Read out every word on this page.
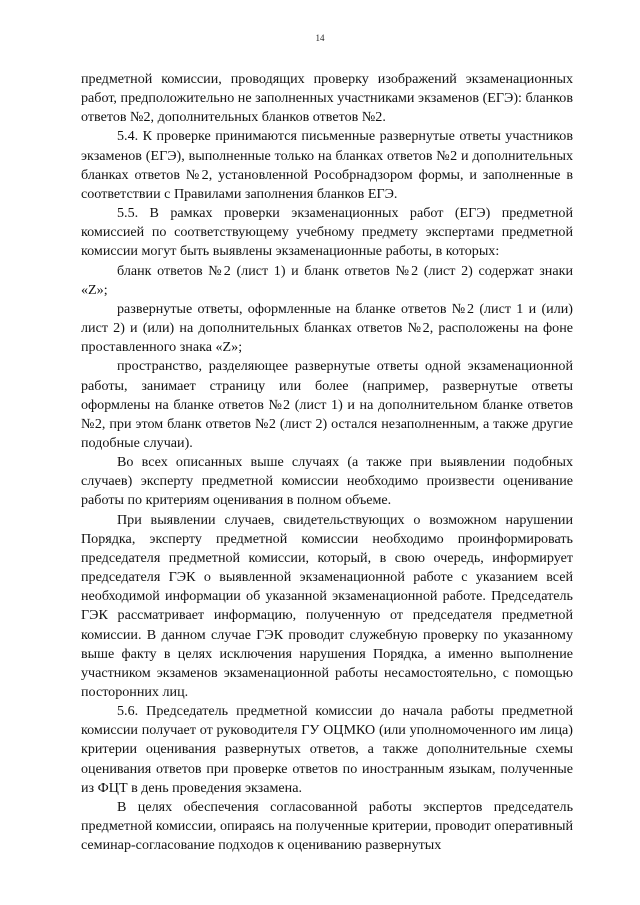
14

предметной комиссии, проводящих проверку изображений экзаменационных работ, предположительно не заполненных участниками экзаменов (ЕГЭ): бланков ответов №2, дополнительных бланков ответов №2.

5.4. К проверке принимаются письменные развернутые ответы участников экзаменов (ЕГЭ), выполненные только на бланках ответов №2 и дополнительных бланках ответов №2, установленной Рособрнадзором формы, и заполненные в соответствии с Правилами заполнения бланков ЕГЭ.

5.5. В рамках проверки экзаменационных работ (ЕГЭ) предметной комиссией по соответствующему учебному предмету экспертами предметной комиссии могут быть выявлены экзаменационные работы, в которых:

бланк ответов №2 (лист 1) и бланк ответов №2 (лист 2) содержат знаки «Z»;

развернутые ответы, оформленные на бланке ответов №2 (лист 1 и (или) лист 2) и (или) на дополнительных бланках ответов №2, расположены на фоне проставленного знака «Z»;

пространство, разделяющее развернутые ответы одной экзаменационной работы, занимает страницу или более (например, развернутые ответы оформлены на бланке ответов №2 (лист 1) и на дополнительном бланке ответов №2, при этом бланк ответов №2 (лист 2) остался незаполненным, а также другие подобные случаи).

Во всех описанных выше случаях (а также при выявлении подобных случаев) эксперту предметной комиссии необходимо произвести оценивание работы по критериям оценивания в полном объеме.

При выявлении случаев, свидетельствующих о возможном нарушении Порядка, эксперту предметной комиссии необходимо проинформировать председателя предметной комиссии, который, в свою очередь, информирует председателя ГЭК о выявленной экзаменационной работе с указанием всей необходимой информации об указанной экзаменационной работе. Председатель ГЭК рассматривает информацию, полученную от председателя предметной комиссии. В данном случае ГЭК проводит служебную проверку по указанному выше факту в целях исключения нарушения Порядка, а именно выполнение участником экзаменов экзаменационной работы несамостоятельно, с помощью посторонних лиц.

5.6. Председатель предметной комиссии до начала работы предметной комиссии получает от руководителя ГУ ОЦМКО (или уполномоченного им лица) критерии оценивания развернутых ответов, а также дополнительные схемы оценивания ответов при проверке ответов по иностранным языкам, полученные из ФЦТ в день проведения экзамена.

В целях обеспечения согласованной работы экспертов председатель предметной комиссии, опираясь на полученные критерии, проводит оперативный семинар-согласование подходов к оцениванию развернутых
